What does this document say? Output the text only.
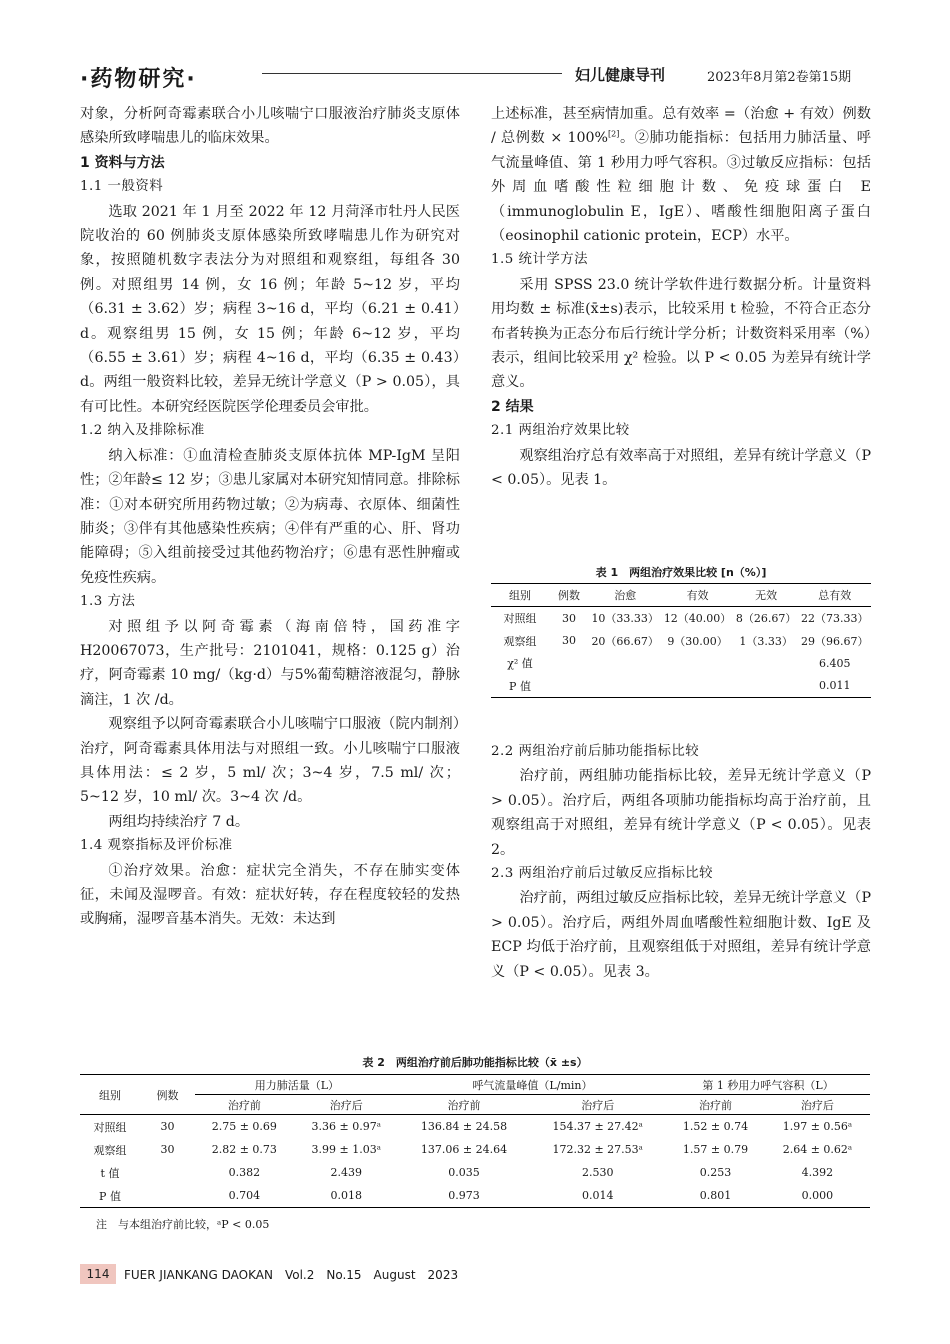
·药物研究·	妇儿健康导刊	2023年8月第2卷第15期

对象，分析阿奇霉素联合小儿咳喘宁口服液治疗肺炎支原体感染所致哮喘患儿的临床效果。

1 资料与方法

1.1 一般资料

选取 2021 年 1 月至 2022 年 12 月菏泽市牡丹人民医院收治的 60 例肺炎支原体感染所致哮喘患儿作为研究对象，按照随机数字表法分为对照组和观察组，每组各 30 例。对照组男 14 例，女 16 例；年龄 5~12 岁，平均（6.31 ± 3.62）岁；病程 3~16 d，平均（6.21 ± 0.41）d。观察组男 15 例，女 15 例；年龄 6~12 岁，平均（6.55 ± 3.61）岁；病程 4~16 d，平均（6.35 ± 0.43）d。两组一般资料比较，差异无统计学意义（P > 0.05），具有可比性。本研究经医院医学伦理委员会审批。

1.2 纳入及排除标准

纳入标准：①血清检查肺炎支原体抗体 MP-IgM 呈阳性；②年龄≤ 12 岁；③患儿家属对本研究知情同意。排除标准：①对本研究所用药物过敏；②为病毒、衣原体、细菌性肺炎；③伴有其他感染性疾病；④伴有严重的心、肝、肾功能障碍；⑤入组前接受过其他药物治疗；⑥患有恶性肿瘤或免疫性疾病。

1.3 方法

对照组予以阿奇霉素（海南倍特，国药准字 H20067073，生产批号：2101041，规格：0.125 g）治疗，阿奇霉素 10 mg/（kg·d）与5%葡萄糖溶液混匀，静脉滴注，1 次 /d。

观察组予以阿奇霉素联合小儿咳喘宁口服液（院内制剂）治疗，阿奇霉素具体用法与对照组一致。小儿咳喘宁口服液具体用法：≤ 2 岁，5 ml/ 次；3~4 岁，7.5 ml/ 次；5~12 岁，10 ml/ 次。3~4 次 /d。

两组均持续治疗 7 d。

1.4 观察指标及评价标准

①治疗效果。治愈：症状完全消失，不存在肺实变体征，未闻及湿啰音。有效：症状好转，存在程度较轻的发热或胸痛，湿啰音基本消失。无效：未达到

上述标准，甚至病情加重。总有效率 =（治愈 + 有效）例数 / 总例数 × 100%[2]。②肺功能指标：包括用力肺活量、呼气流量峰值、第 1 秒用力呼气容积。③过敏反应指标：包括外周血嗜酸性粒细胞计数、免疫球蛋白 E（immunoglobulin E，IgE）、嗜酸性细胞阳离子蛋白（eosinophil cationic protein，ECP）水平。

1.5 统计学方法

采用 SPSS 23.0 统计学软件进行数据分析。计量资料用均数 ± 标准(x̄±s)表示，比较采用 t 检验，不符合正态分布者转换为正态分布后行统计学分析；计数资料采用率（%）表示，组间比较采用 χ² 检验。以 P < 0.05 为差异有统计学意义。

2 结果

2.1 两组治疗效果比较

观察组治疗总有效率高于对照组，差异有统计学意义（P < 0.05）。见表 1。

2.2 两组治疗前后肺功能指标比较

治疗前，两组肺功能指标比较，差异无统计学意义（P > 0.05）。治疗后，两组各项肺功能指标均高于治疗前，且观察组高于对照组，差异有统计学意义（P < 0.05）。见表 2。

2.3 两组治疗前后过敏反应指标比较

治疗前，两组过敏反应指标比较，差异无统计学意义（P > 0.05）。治疗后，两组外周血嗜酸性粒细胞计数、IgE 及 ECP 均低于治疗前，且观察组低于对照组，差异有统计学意义（P < 0.05）。见表 3。

表 1　两组治疗效果比较 [n（%）]
组别	例数	治愈	有效	无效	总有效
对照组	30	10（33.33）	12（40.00）	8（26.67）	22（73.33）
观察组	30	20（66.67）	9（30.00）	1（3.33）	29（96.67）
χ² 值					6.405
P 值					0.011
表 2　两组治疗前后肺功能指标比较（x̄ ±s）
组别	例数	用力肺活量（L）		呼气流量峰值（L/min）		第 1 秒用力呼气容积（L）	
		治疗前	治疗后	治疗前	治疗后	治疗前	治疗后
对照组	30	2.75 ± 0.69	3.36 ± 0.97ᵃ	136.84 ± 24.58	154.37 ± 27.42ᵃ	1.52 ± 0.74	1.97 ± 0.56ᵃ
观察组	30	2.82 ± 0.73	3.99 ± 1.03ᵃ	137.06 ± 24.64	172.32 ± 27.53ᵃ	1.57 ± 0.79	2.64 ± 0.62ᵃ
t 值		0.382	2.439	0.035	2.530	0.253	4.392
P 值		0.704	0.018	0.973	0.014	0.801	0.000
注　与本组治疗前比较，ᵃP < 0.05
114	FUER JIANKANG DAOKAN　Vol.2　No.15　August　2023
